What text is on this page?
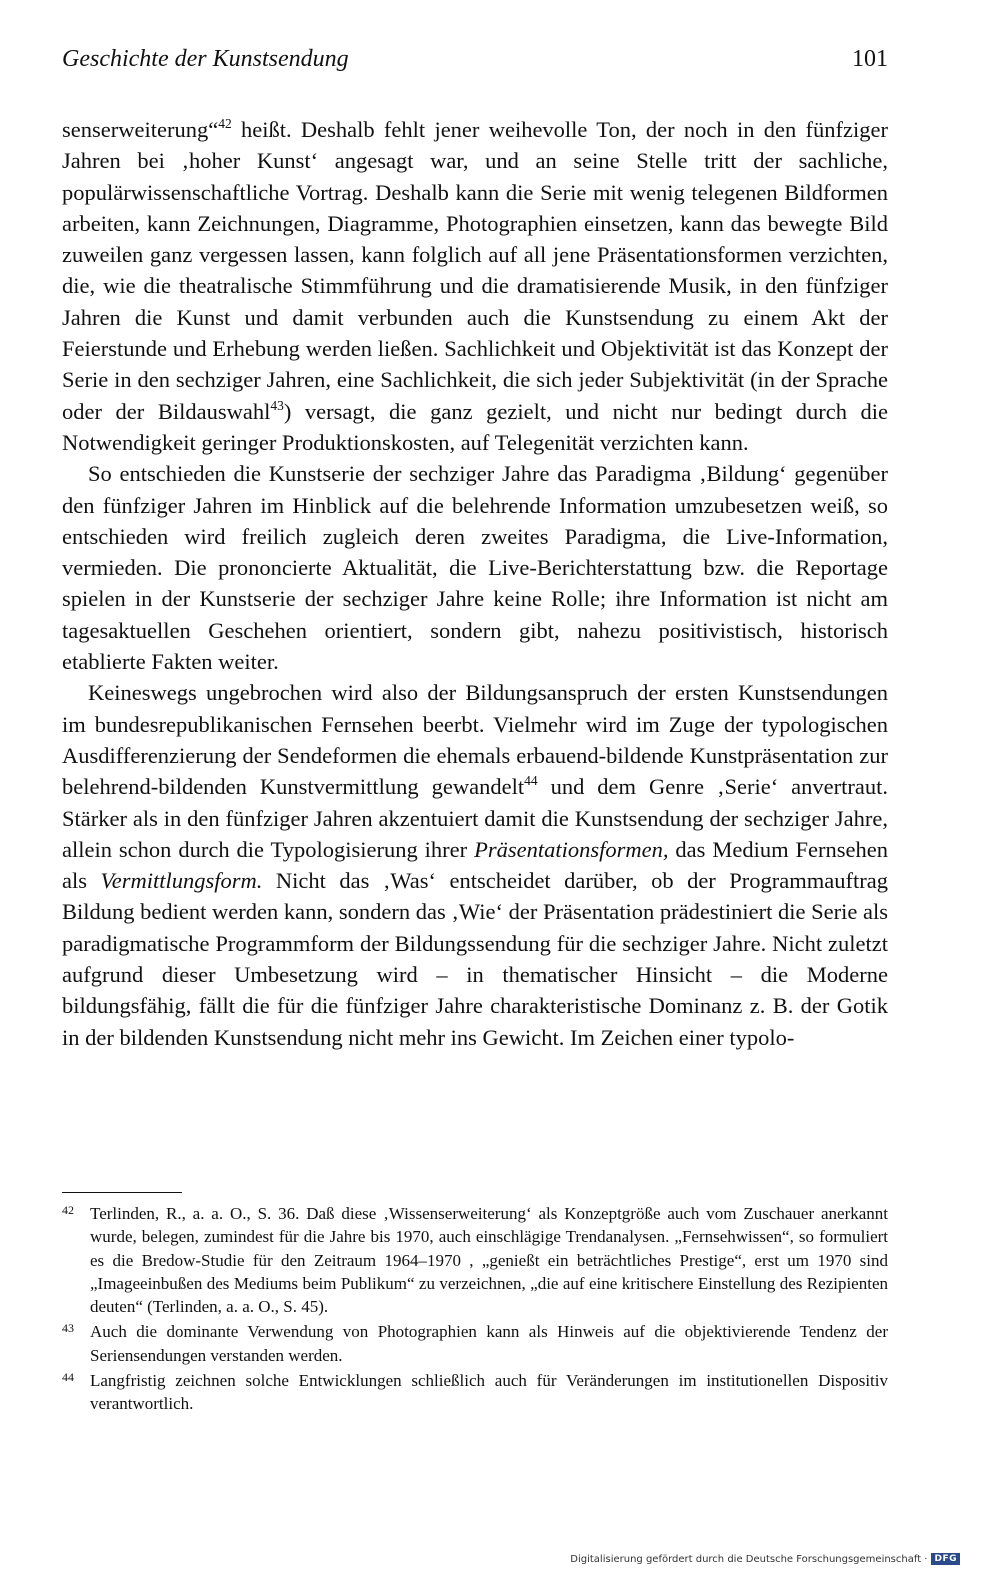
Geschichte der Kunstsendung	101

senserweiterung“$^{42}$ heißt. Deshalb fehlt jener weihevolle Ton, der noch in den fünfziger Jahren bei ‚hoher Kunst‘ angesagt war, und an seine Stelle tritt der sachliche, populärwissenschaftliche Vortrag. Deshalb kann die Serie mit wenig telegenen Bildformen arbeiten, kann Zeichnungen, Diagramme, Photographien einsetzen, kann das bewegte Bild zuweilen ganz vergessen lassen, kann folglich auf all jene Präsentationsformen verzichten, die, wie die theatralische Stimmführung und die dramatisierende Musik, in den fünfziger Jahren die Kunst und damit verbunden auch die Kunstsendung zu einem Akt der Feierstunde und Erhebung werden ließen. Sachlichkeit und Objektivität ist das Konzept der Serie in den sechziger Jahren, eine Sachlichkeit, die sich jeder Subjektivität (in der Sprache oder der Bildauswahl$^{43}$) versagt, die ganz gezielt, und nicht nur bedingt durch die Notwendigkeit geringer Produktionskosten, auf Telegenität verzichten kann.

So entschieden die Kunstserie der sechziger Jahre das Paradigma ‚Bildung‘ gegenüber den fünfziger Jahren im Hinblick auf die belehrende Information umzubesetzen weiß, so entschieden wird freilich zugleich deren zweites Paradigma, die Live-Information, vermieden. Die prononcierte Aktualität, die Live-Berichterstattung bzw. die Reportage spielen in der Kunstserie der sechziger Jahre keine Rolle; ihre Information ist nicht am tagesaktuellen Geschehen orientiert, sondern gibt, nahezu positivistisch, historisch etablierte Fakten weiter.

Keineswegs ungebrochen wird also der Bildungsanspruch der ersten Kunstsendungen im bundesrepublikanischen Fernsehen beerbt. Vielmehr wird im Zuge der typologischen Ausdifferenzierung der Sendeformen die ehemals erbauend-bildende Kunstpräsentation zur belehrend-bildenden Kunstvermittlung gewandelt$^{44}$ und dem Genre ‚Serie‘ anvertraut. Stärker als in den fünfziger Jahren akzentuiert damit die Kunstsendung der sechziger Jahre, allein schon durch die Typologisierung ihrer Präsentationsformen, das Medium Fernsehen als Vermittlungsform. Nicht das ‚Was‘ entscheidet darüber, ob der Programmauftrag Bildung bedient werden kann, sondern das ‚Wie‘ der Präsentation prädestiniert die Serie als paradigmatische Programmform der Bildungssendung für die sechziger Jahre. Nicht zuletzt aufgrund dieser Umbesetzung wird – in thematischer Hinsicht – die Moderne bildungsfähig, fällt die für die fünfziger Jahre charakteristische Dominanz z. B. der Gotik in der bildenden Kunstsendung nicht mehr ins Gewicht. Im Zeichen einer typolo-

42 Terlinden, R., a. a. O., S. 36. Daß diese ‚Wissenserweiterung‘ als Konzeptgröße auch vom Zuschauer anerkannt wurde, belegen, zumindest für die Jahre bis 1970, auch einschlägige Trendanalysen. „Fernsehwissen“, so formuliert es die Bredow-Studie für den Zeitraum 1964–1970 , „genießt ein beträchtliches Prestige“, erst um 1970 sind „Imageeinbußen des Mediums beim Publikum“ zu verzeichnen, „die auf eine kritischere Einstellung des Rezipienten deuten“ (Terlinden, a. a. O., S. 45).

43 Auch die dominante Verwendung von Photographien kann als Hinweis auf die objektivierende Tendenz der Seriensendungen verstanden werden.

44 Langfristig zeichnen solche Entwicklungen schließlich auch für Veränderungen im institutionellen Dispositiv verantwortlich.

Digitalisierung gefördert durch die Deutsche Forschungsgemeinschaft · DFG
